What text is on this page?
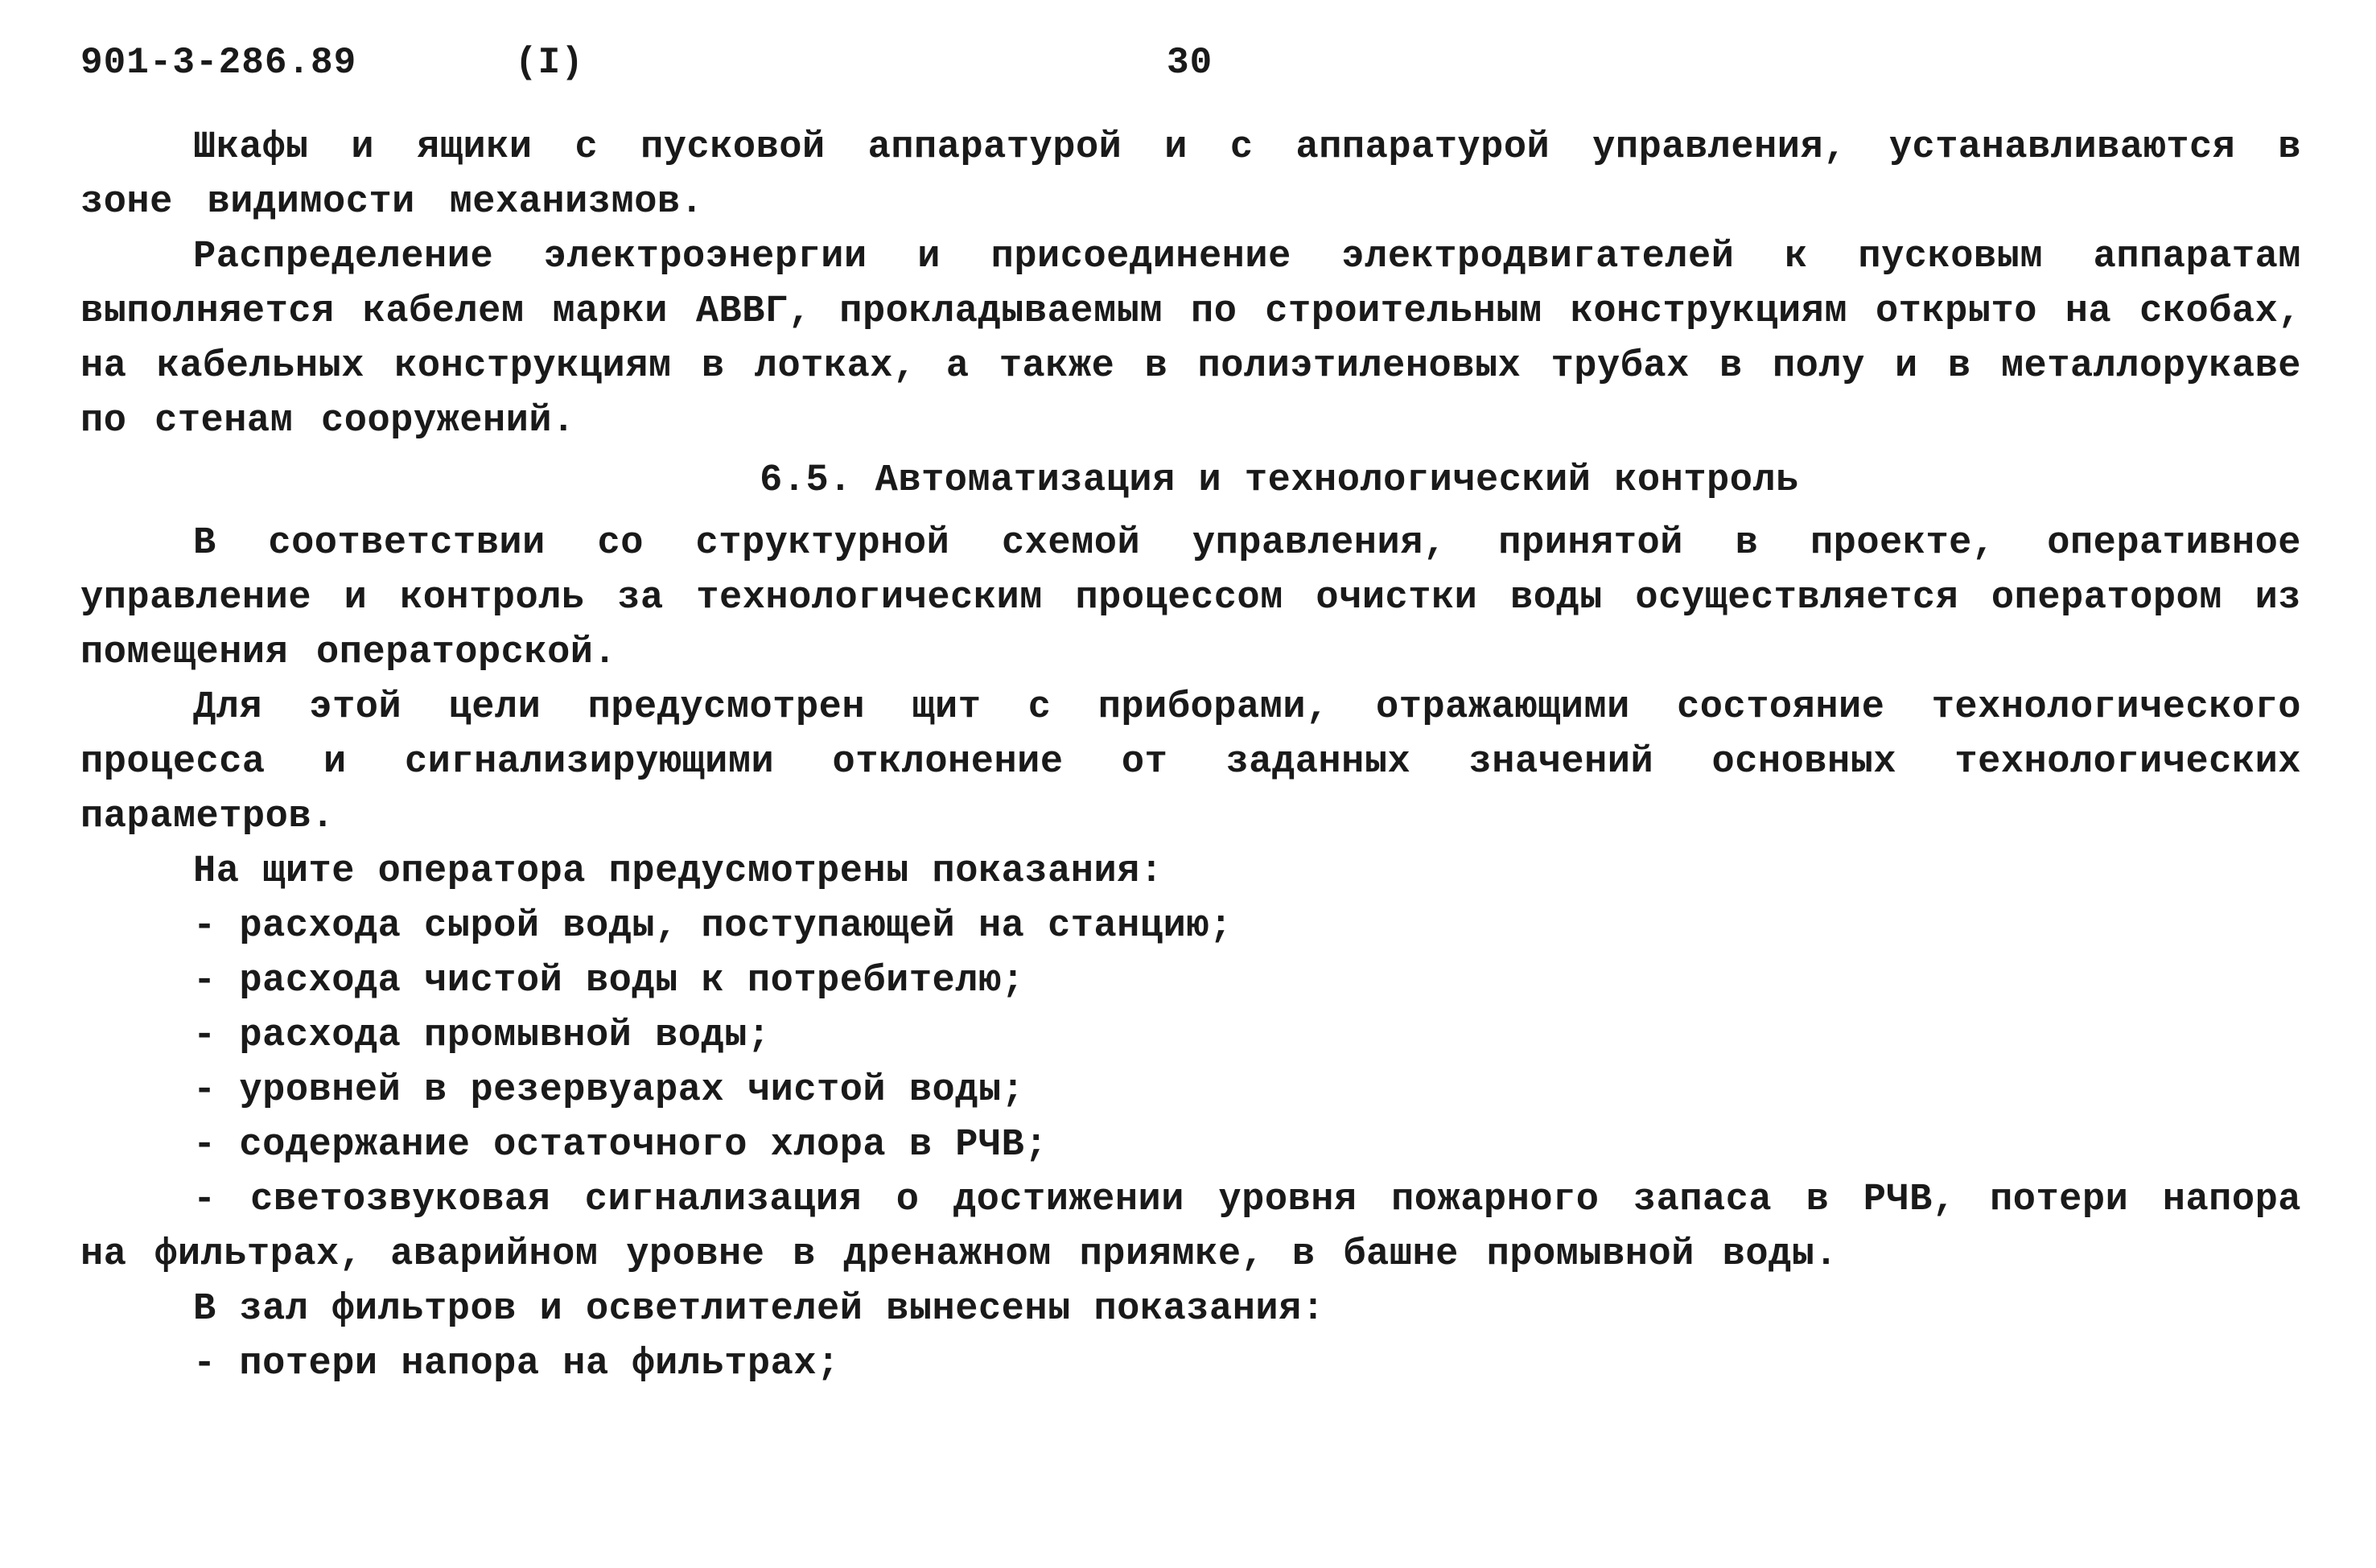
901-3-286.89	(I)	30

Шкафы и ящики с пусковой аппаратурой и с аппаратурой управления, устанавливаются в зоне видимости механизмов.

Распределение электроэнергии и присоединение электродвигателей к пусковым аппаратам выполняется кабелем марки АВВГ, прокладываемым по строительным конструкциям открыто на скобах, на кабельных конструкциям в лотках, а также в полиэтиленовых трубах в полу и в металлорукаве по стенам сооружений.

6.5. Автоматизация и технологический контроль

В соответствии со структурной схемой управления, принятой в проекте, оперативное управление и контроль за технологическим процессом очистки воды осуществляется оператором из помещения операторской.

Для этой цели предусмотрен щит с приборами, отражающими состояние технологического процесса и сигнализирующими отклонение от заданных значений основных технологических параметров.

На щите оператора предусмотрены показания:

- расхода сырой воды, поступающей на станцию;

- расхода чистой воды к потребителю;

- расхода промывной воды;

- уровней в резервуарах чистой воды;

- содержание остаточного хлора в РЧВ;

- светозвуковая сигнализация о достижении уровня пожарного запаса в РЧВ, потери напора на фильтрах, аварийном уровне в дренажном приямке, в башне промывной воды.

В зал фильтров и осветлителей вынесены показания:

- потери напора на фильтрах;
